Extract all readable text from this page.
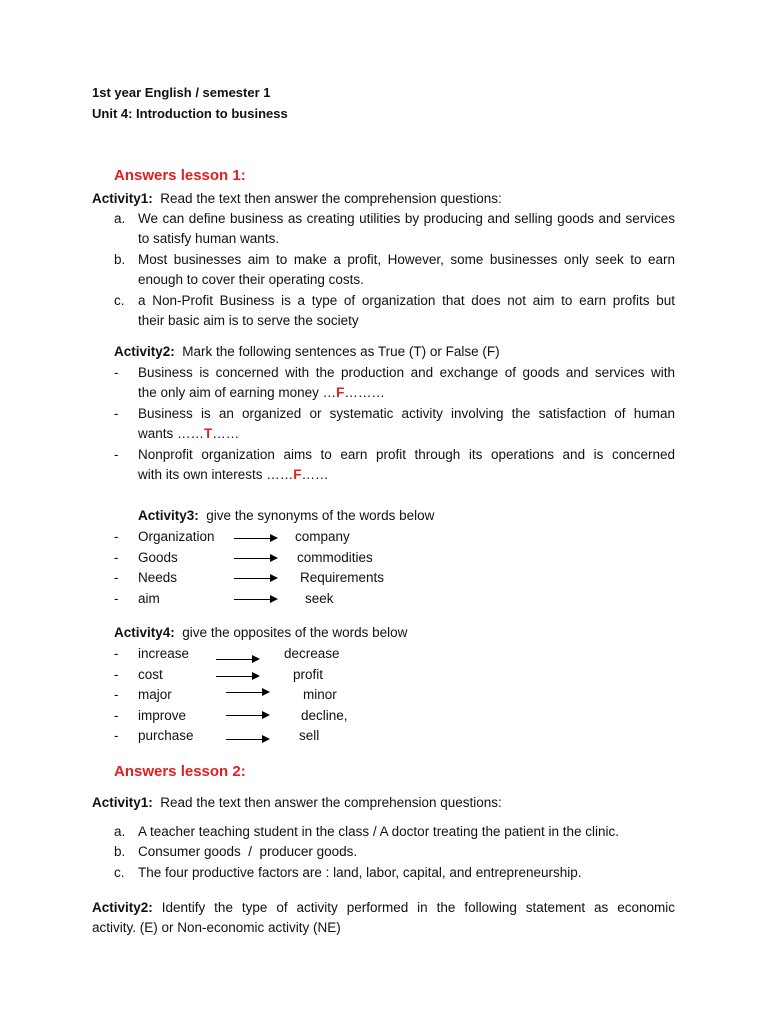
1st year English / semester 1
Unit 4: Introduction to business
Answers lesson 1:
Activity1: Read the text then answer the comprehension questions:
a. We can define business as creating utilities by producing and selling goods and services
to satisfy human wants.
b. Most businesses aim to make a profit, However, some businesses only seek to earn
enough to cover their operating costs.
c. a Non-Profit Business is a type of organization that does not aim to earn profits but
their basic aim is to serve the society
Activity2: Mark the following sentences as True (T) or False (F)
- Business is concerned with the production and exchange of goods and services with
the only aim of earning money …F………
- Business is an organized or systematic activity involving the satisfaction of human
wants ……T……
- Nonprofit organization aims to earn profit through its operations and is concerned
with its own interests ……F……
Activity3: give the synonyms of the words below
- Organization	company
- Goods	commodities
- Needs	Requirements
- aim	seek
Activity4: give the opposites of the words below
- increase	decrease
- cost	profit
- major	minor
- improve	decline,
- purchase	sell
Answers lesson 2:
Activity1: Read the text then answer the comprehension questions:
a. A teacher teaching student in the class / A doctor treating the patient in the clinic.
b. Consumer goods  /  producer goods.
c. The four productive factors are : land, labor, capital, and entrepreneurship.
Activity2: Identify the type of activity performed in the following statement as economic
activity. (E) or Non-economic activity (NE)
